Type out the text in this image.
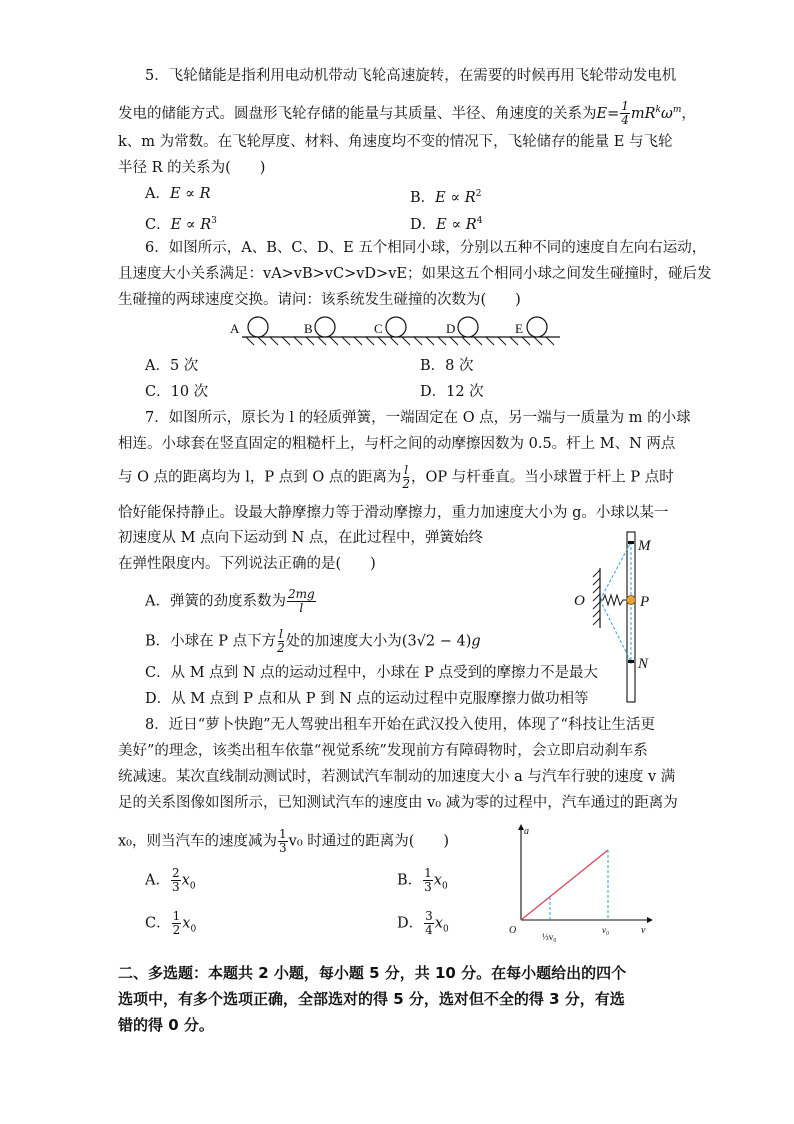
5．飞轮储能是指利用电动机带动飞轮高速旋转，在需要的时候再用飞轮带动发电机
发电的储能方式。圆盘形飞轮存储的能量与其质量、半径、角速度的关系为$E= \frac{1}{4} mR^k\omega^m$，
k、m 为常数。在飞轮厚度、材料、角速度均不变的情况下，飞轮储存的能量 E 与飞轮
半径 R 的关系为(　　)
A．E ∝ R	B．$E \propto R^2$
C．$E \propto R^3$	D．$E \propto R^4$
6．如图所示，A、B、C、D、E 五个相同小球，分别以五种不同的速度自左向右运动，
且速度大小关系满足：vA>vB>vC>vD>vE；如果这五个相同小球之间发生碰撞时，碰后发
生碰撞的两球速度交换。请问：该系统发生碰撞的次数为(　　)
A	B	C	D	E
A．5 次	B．8 次
C．10 次	D．12 次
7．如图所示，原长为 l 的轻质弹簧，一端固定在 O 点，另一端与一质量为 m 的小球
相连。小球套在竖直固定的粗糙杆上，与杆之间的动摩擦因数为 0.5。杆上 M、N 两点
与 O 点的距离均为 l，P 点到 O 点的距离为 $\frac{l}{2}$ ，OP 与杆垂直。当小球置于杆上 P 点时
恰好能保持静止。设最大静摩擦力等于滑动摩擦力，重力加速度大小为 g。小球以某一
初速度从 M 点向下运动到 N 点，在此过程中，弹簧始终
在弹性限度内。下列说法正确的是(　　)
A．弹簧的劲度系数为 $\frac{2mg}{l}$
B．小球在 P 点下方 $\frac{l}{2}$ 处的加速度大小为(3√2 − 4)g
C．从 M 点到 N 点的运动过程中，小球在 P 点受到的摩擦力不是最大
D．从 M 点到 P 点和从 P 到 N 点的运动过程中克服摩擦力做功相等
M
O	P
N
8．近日“萝卜快跑”无人驾驶出租车开始在武汉投入使用，体现了“科技让生活更
美好”的理念，该类出租车依靠“视觉系统”发现前方有障碍物时，会立即启动刹车系
统减速。某次直线制动测试时，若测试汽车制动的加速度大小 a 与汽车行驶的速度 v 满
足的关系图像如图所示，已知测试汽车的速度由 v₀ 减为零的过程中，汽车通过的距离为
x₀，则当汽车的速度减为 $\frac{1}{3} v_0$ 时通过的距离为(　　)
A． $\frac{2}{3} x_0$	B． $\frac{1}{3} x_0$
C． $\frac{1}{2} x_0$	D． $\frac{3}{4} x_0$
a
v
O	v₀
⅓v₀
二、多选题：本题共 2 小题，每小题 5 分，共 10 分。在每小题给出的四个
选项中，有多个选项正确，全部选对的得 5 分，选对但不全的得 3 分，有选
错的得 0 分。
